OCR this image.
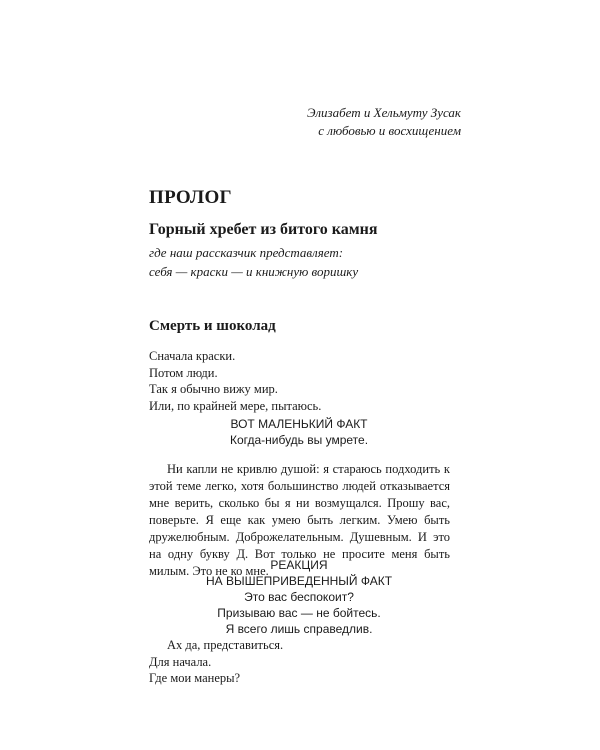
Элизабет и Хельмуту Зусак
с любовью и восхищением
ПРОЛОГ
Горный хребет из битого камня
где наш рассказчик представляет:
себя — краски — и книжную воришку
Смерть и шоколад
Сначала краски.
Потом люди.
Так я обычно вижу мир.
Или, по крайней мере, пытаюсь.
ВОТ МАЛЕНЬКИЙ ФАКТ
Когда-нибудь вы умрете.

Ни капли не кривлю душой: я стараюсь подходить к этой теме легко, хотя большинство людей отказывается мне верить, сколько бы я ни возмущался. Прошу вас, поверьте. Я еще как умею быть легким. Умею быть дружелюбным. Доброжелательным. Душевным. И это на одну букву Д. Вот только не просите меня быть милым. Это не ко мне. РЕАКЦИЯ
НА ВЫШЕПРИВЕДЕННЫЙ ФАКТ
Это вас беспокоит?
Призываю вас — не бойтесь.
Я всего лишь справедлив.
Ах да, представиться.
Для начала.
Где мои манеры?
